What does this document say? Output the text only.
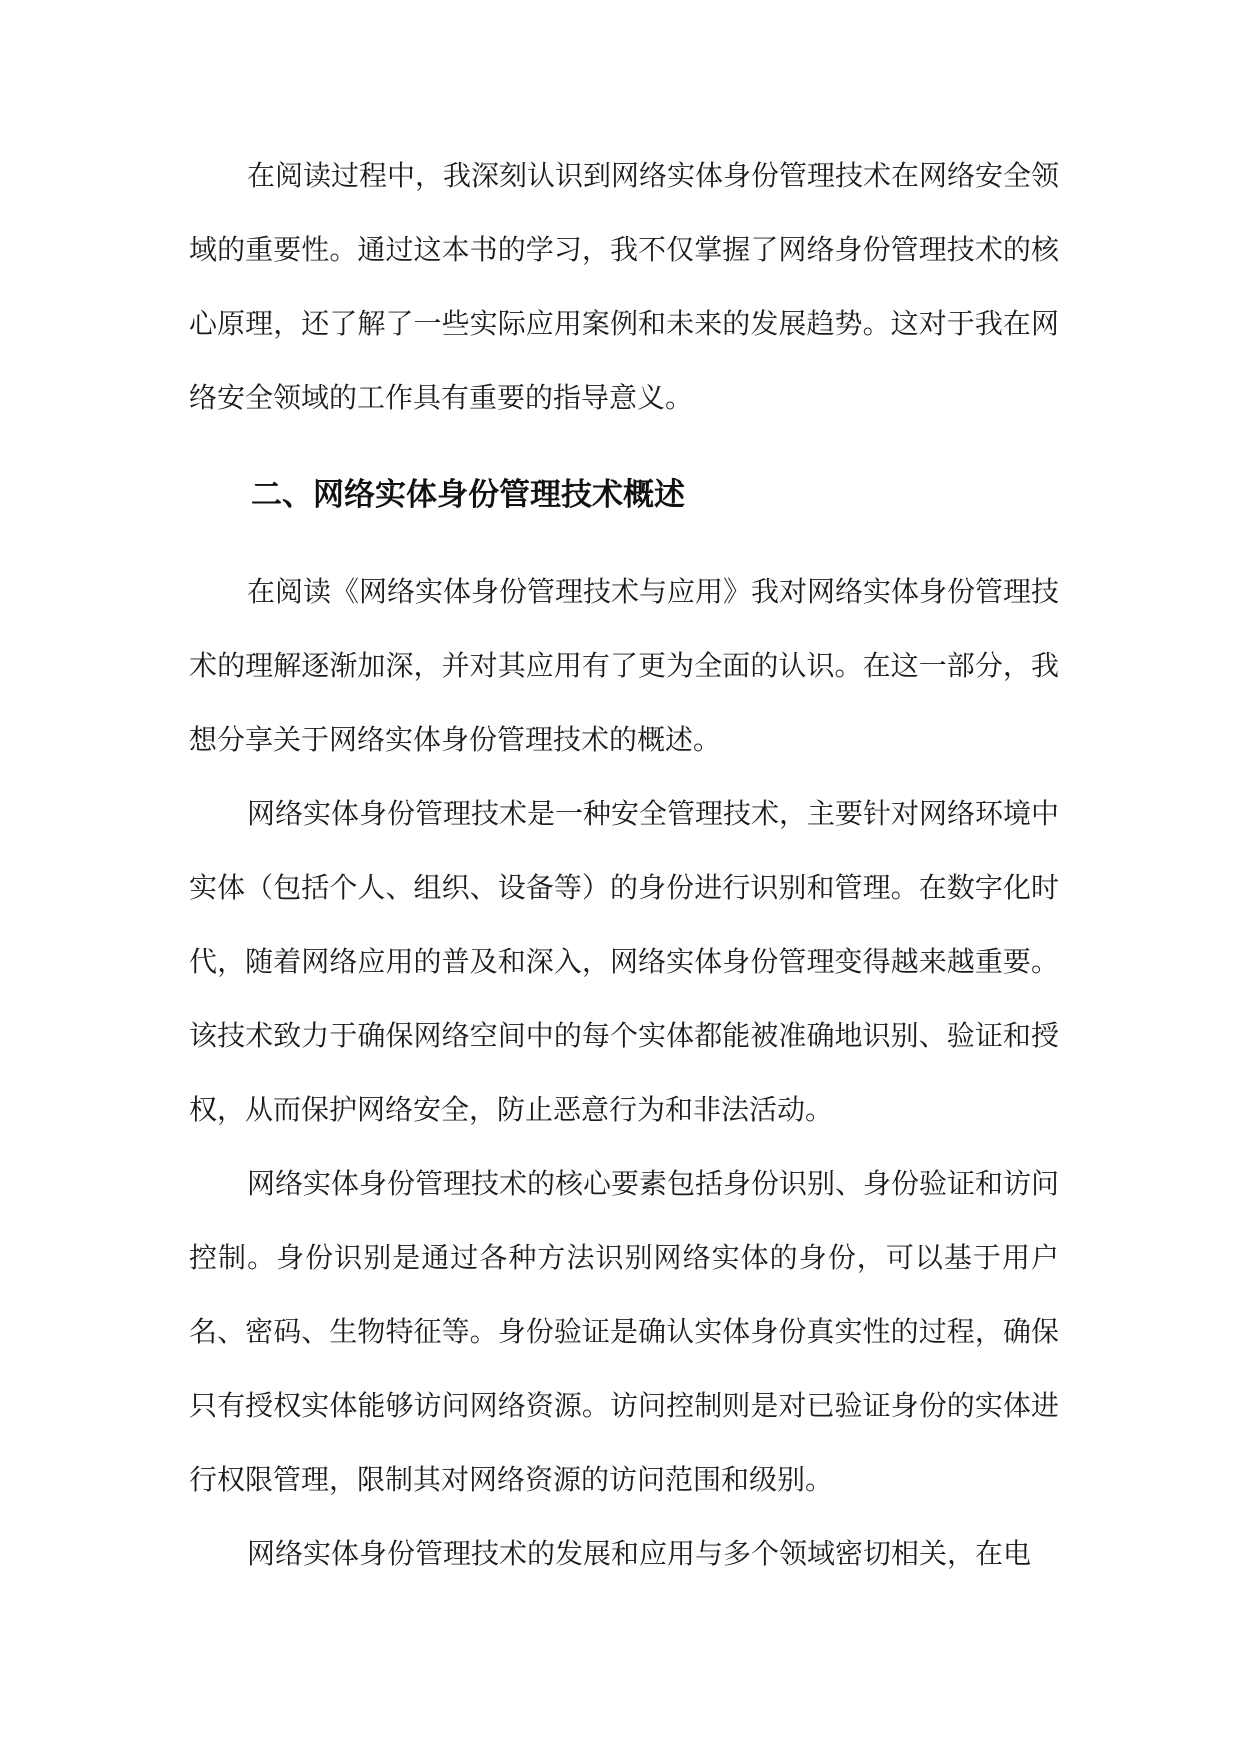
在阅读过程中，我深刻认识到网络实体身份管理技术在网络安全领域的重要性。通过这本书的学习，我不仅掌握了网络身份管理技术的核心原理，还了解了一些实际应用案例和未来的发展趋势。这对于我在网络安全领域的工作具有重要的指导意义。

二、网络实体身份管理技术概述

在阅读《网络实体身份管理技术与应用》我对网络实体身份管理技术的理解逐渐加深，并对其应用有了更为全面的认识。在这一部分，我想分享关于网络实体身份管理技术的概述。

网络实体身份管理技术是一种安全管理技术，主要针对网络环境中实体（包括个人、组织、设备等）的身份进行识别和管理。在数字化时代，随着网络应用的普及和深入，网络实体身份管理变得越来越重要。该技术致力于确保网络空间中的每个实体都能被准确地识别、验证和授权，从而保护网络安全，防止恶意行为和非法活动。

网络实体身份管理技术的核心要素包括身份识别、身份验证和访问控制。身份识别是通过各种方法识别网络实体的身份，可以基于用户名、密码、生物特征等。身份验证是确认实体身份真实性的过程，确保只有授权实体能够访问网络资源。访问控制则是对已验证身份的实体进行权限管理，限制其对网络资源的访问范围和级别。

网络实体身份管理技术的发展和应用与多个领域密切相关，在电
